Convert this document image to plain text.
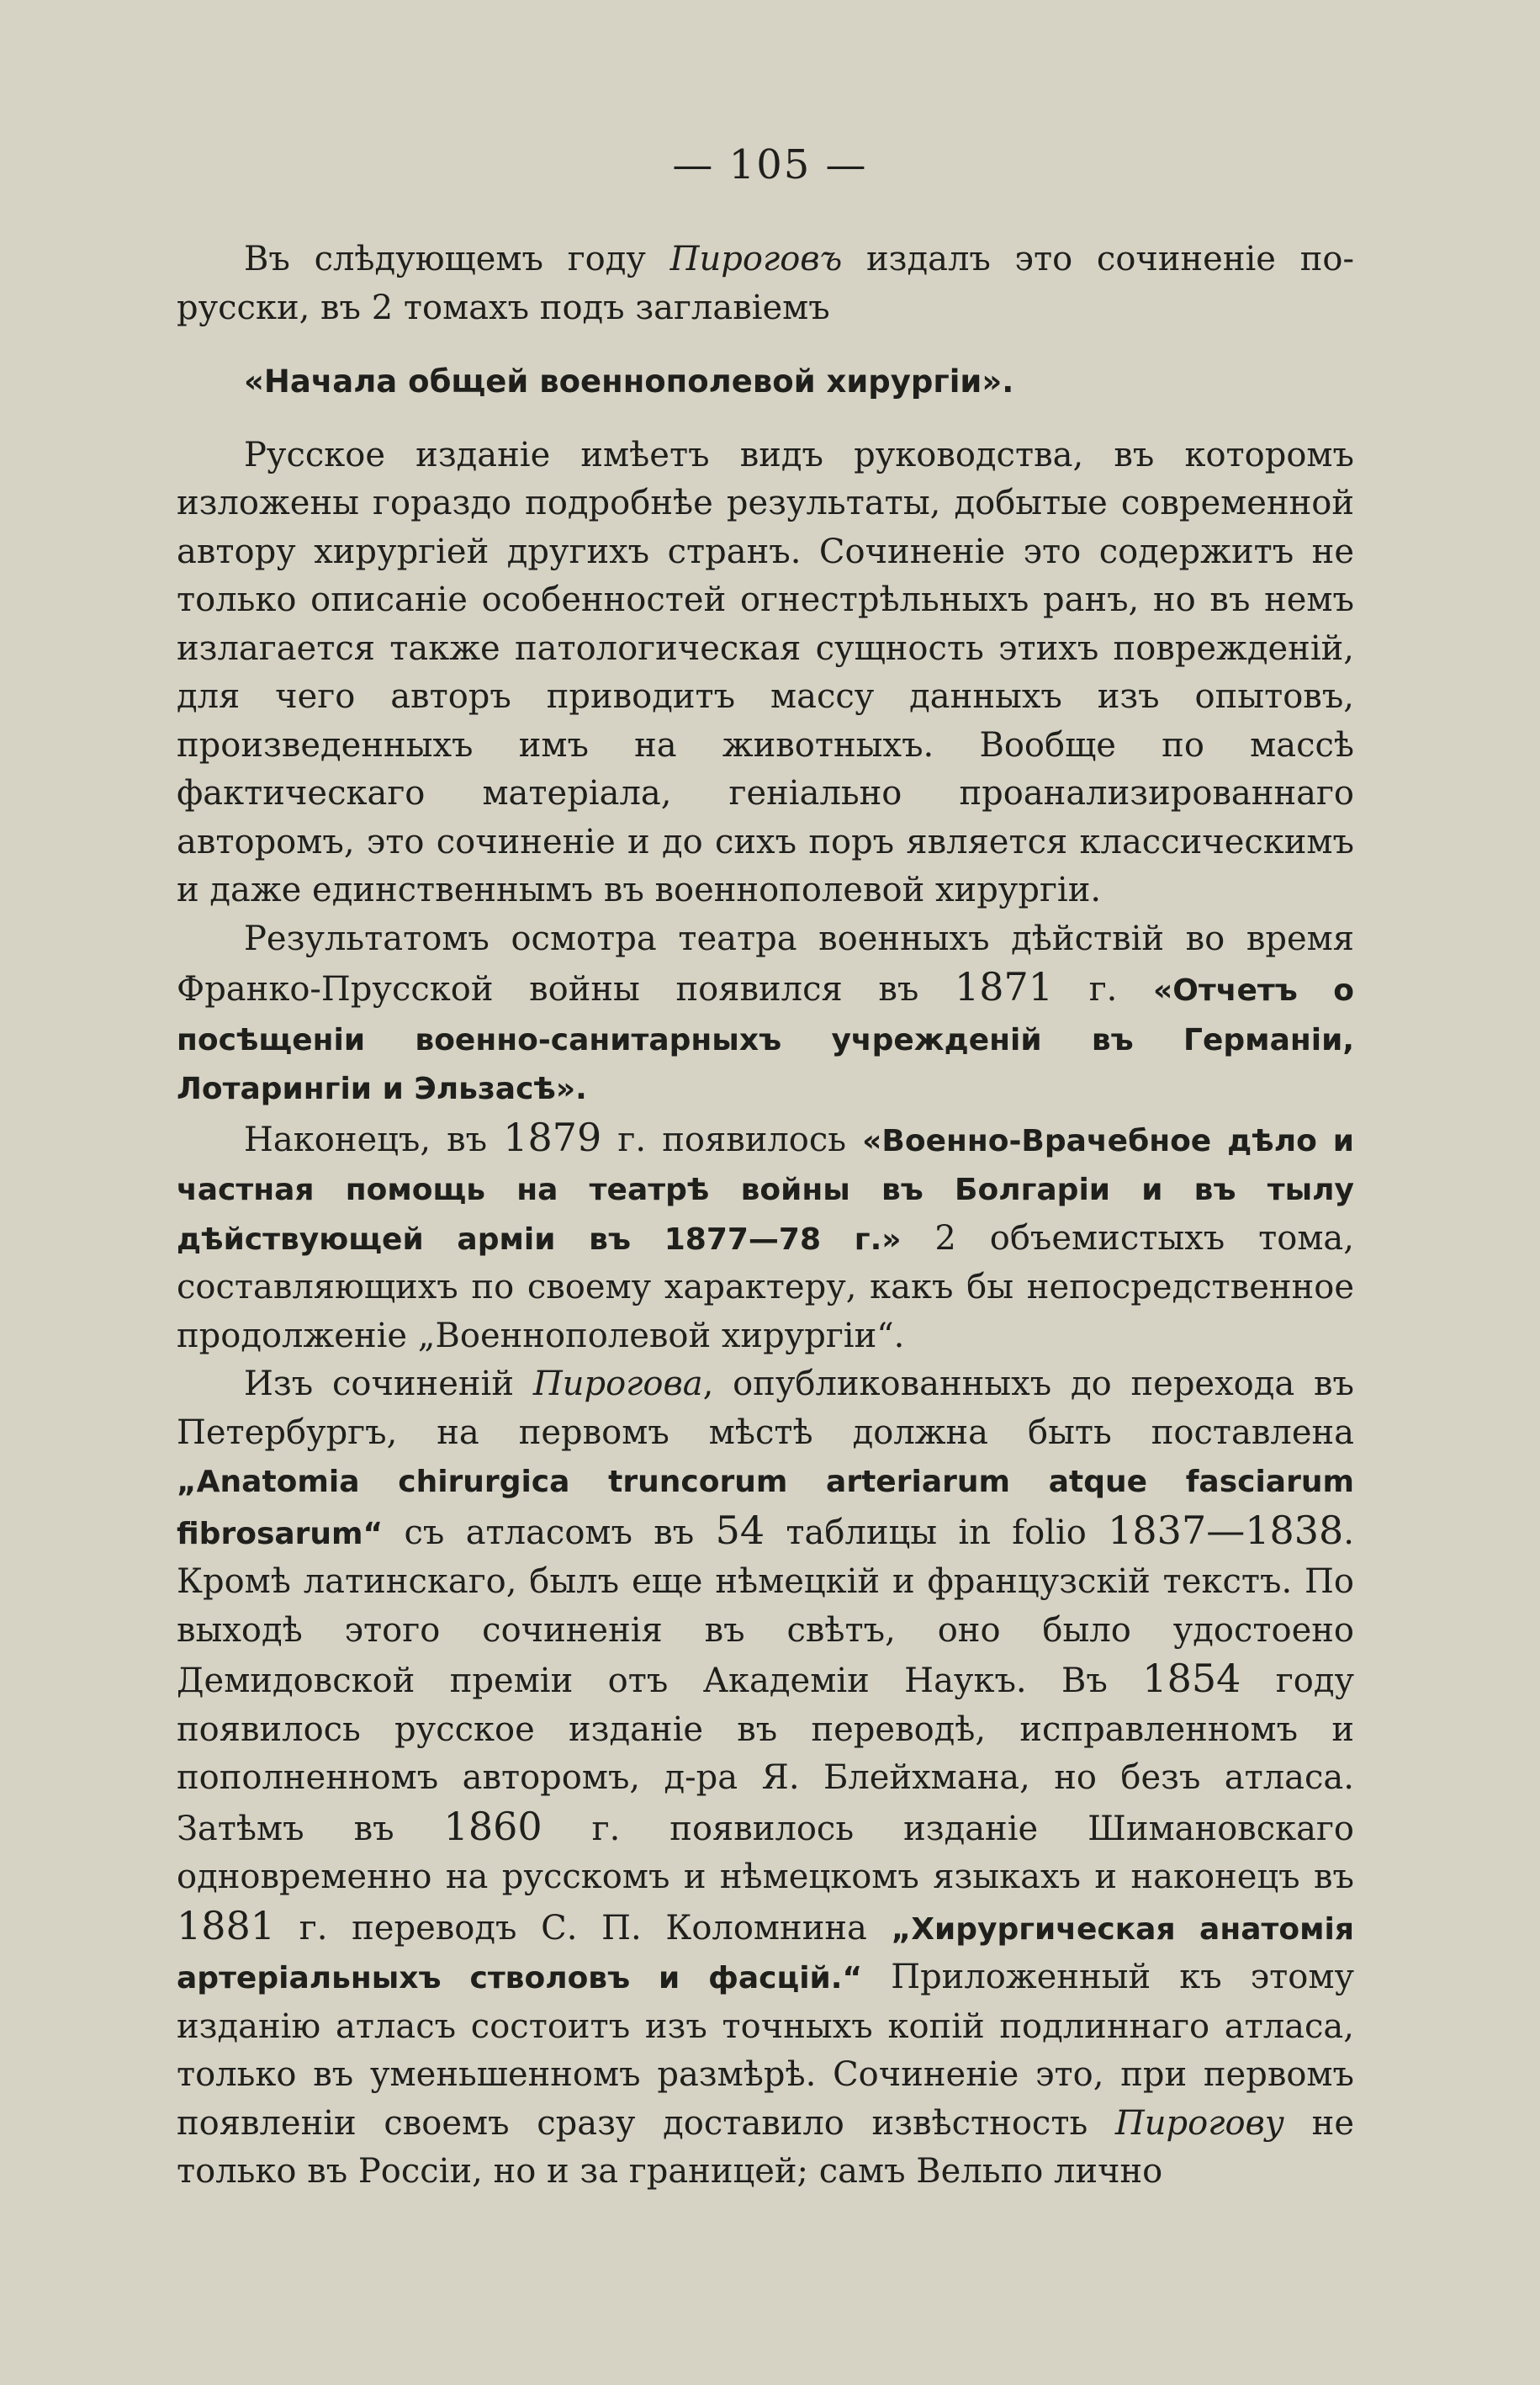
— 105 —

Въ слѣдующемъ году Пироговъ издалъ это сочиненіе по-русски, въ 2 томахъ подъ заглавіемъ

«Начала общей военнополевой хирургіи».

Русское изданіе имѣетъ видъ руководства, въ которомъ изложены гораздо подробнѣе результаты, добытые современной автору хирургіей другихъ странъ. Сочиненіе это содержитъ не только описаніе особенностей огнестрѣльныхъ ранъ, но въ немъ излагается также патологическая сущность этихъ поврежденій, для чего авторъ приводитъ массу данныхъ изъ опытовъ, произведенныхъ имъ на животныхъ. Вообще по массѣ фактическаго матеріала, геніально проанализированнаго авторомъ, это сочиненіе и до сихъ поръ является классическимъ и даже единственнымъ въ военнополевой хирургіи.

Результатомъ осмотра театра военныхъ дѣйствій во время Франко-Прусской войны появился въ 1871 г. «Отчетъ о посѣщеніи военно-санитарныхъ учрежденій въ Германіи, Лотарингіи и Эльзасѣ».

Наконецъ, въ 1879 г. появилось «Военно-Врачебное дѣло и частная помощь на театрѣ войны въ Болгаріи и въ тылу дѣйствующей арміи въ 1877—78 г.» 2 объемистыхъ тома, составляющихъ по своему характеру, какъ бы непосредственное продолженіе „Военнополевой хирургіи“.

Изъ сочиненій Пирогова, опубликованныхъ до перехода въ Петербургъ, на первомъ мѣстѣ должна быть поставлена „Anatomia chirurgica truncorum arteriarum atque fasciarum fibrosarum“ съ атласомъ въ 54 таблицы in folio 1837—1838. Кромѣ латинскаго, былъ еще нѣмецкій и французскій текстъ. По выходѣ этого сочиненія въ свѣтъ, оно было удостоено Демидовской преміи отъ Академіи Наукъ. Въ 1854 году появилось русское изданіе въ переводѣ, исправленномъ и пополненномъ авторомъ, д-ра Я. Блейхмана, но безъ атласа. Затѣмъ въ 1860 г. появилось изданіе Шимановскаго одновременно на русскомъ и нѣмецкомъ языкахъ и наконецъ въ 1881 г. переводъ С. П. Коломнина „Хирургическая анатомія артеріальныхъ стволовъ и фасцій.“ Приложенный къ этому изданію атласъ состоитъ изъ точныхъ копій подлиннаго атласа, только въ уменьшенномъ размѣрѣ. Сочиненіе это, при первомъ появленіи своемъ сразу доставило извѣстность Пирогову не только въ Россіи, но и за границей; самъ Вельпо лично
